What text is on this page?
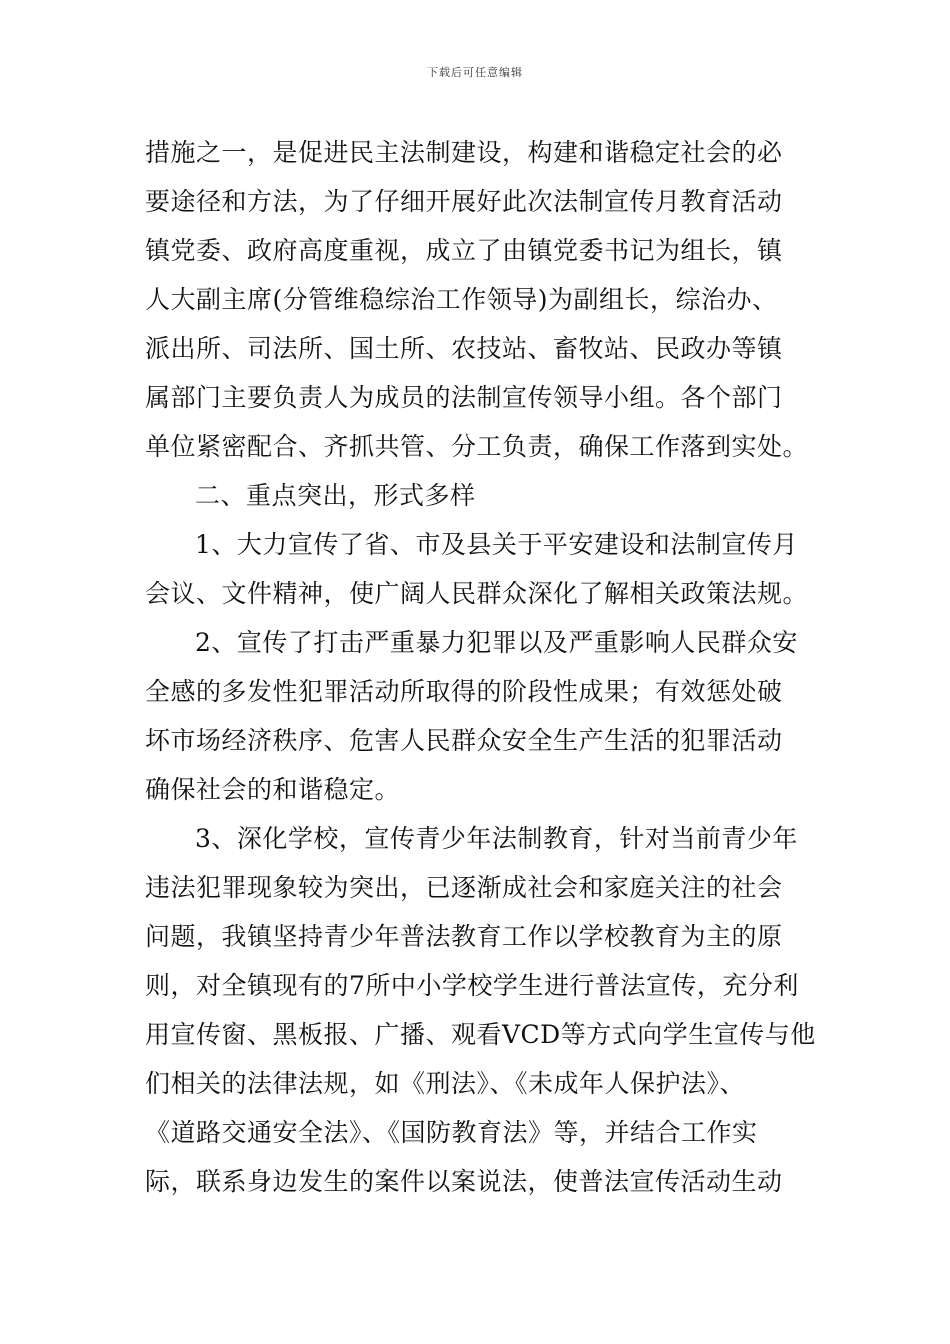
下载后可任意编辑
措施之一，是促进民主法制建设，构建和谐稳定社会的必
要途径和方法，为了仔细开展好此次法制宣传月教育活动
镇党委、政府高度重视，成立了由镇党委书记为组长，镇
人大副主席(分管维稳综治工作领导)为副组长，综治办、
派出所、司法所、国土所、农技站、畜牧站、民政办等镇
属部门主要负责人为成员的法制宣传领导小组。各个部门
单位紧密配合、齐抓共管、分工负责，确保工作落到实处。
二、重点突出，形式多样
1、大力宣传了省、市及县关于平安建设和法制宣传月
会议、文件精神，使广阔人民群众深化了解相关政策法规。
2、宣传了打击严重暴力犯罪以及严重影响人民群众安
全感的多发性犯罪活动所取得的阶段性成果；有效惩处破
坏市场经济秩序、危害人民群众安全生产生活的犯罪活动
确保社会的和谐稳定。
3、深化学校，宣传青少年法制教育，针对当前青少年
违法犯罪现象较为突出，已逐渐成社会和家庭关注的社会
问题，我镇坚持青少年普法教育工作以学校教育为主的原
则，对全镇现有的7所中小学校学生进行普法宣传，充分利
用宣传窗、黑板报、广播、观看VCD等方式向学生宣传与他
们相关的法律法规，如《刑法》、《未成年人保护法》、
《道路交通安全法》、《国防教育法》等，并结合工作实
际，联系身边发生的案件以案说法，使普法宣传活动生动
